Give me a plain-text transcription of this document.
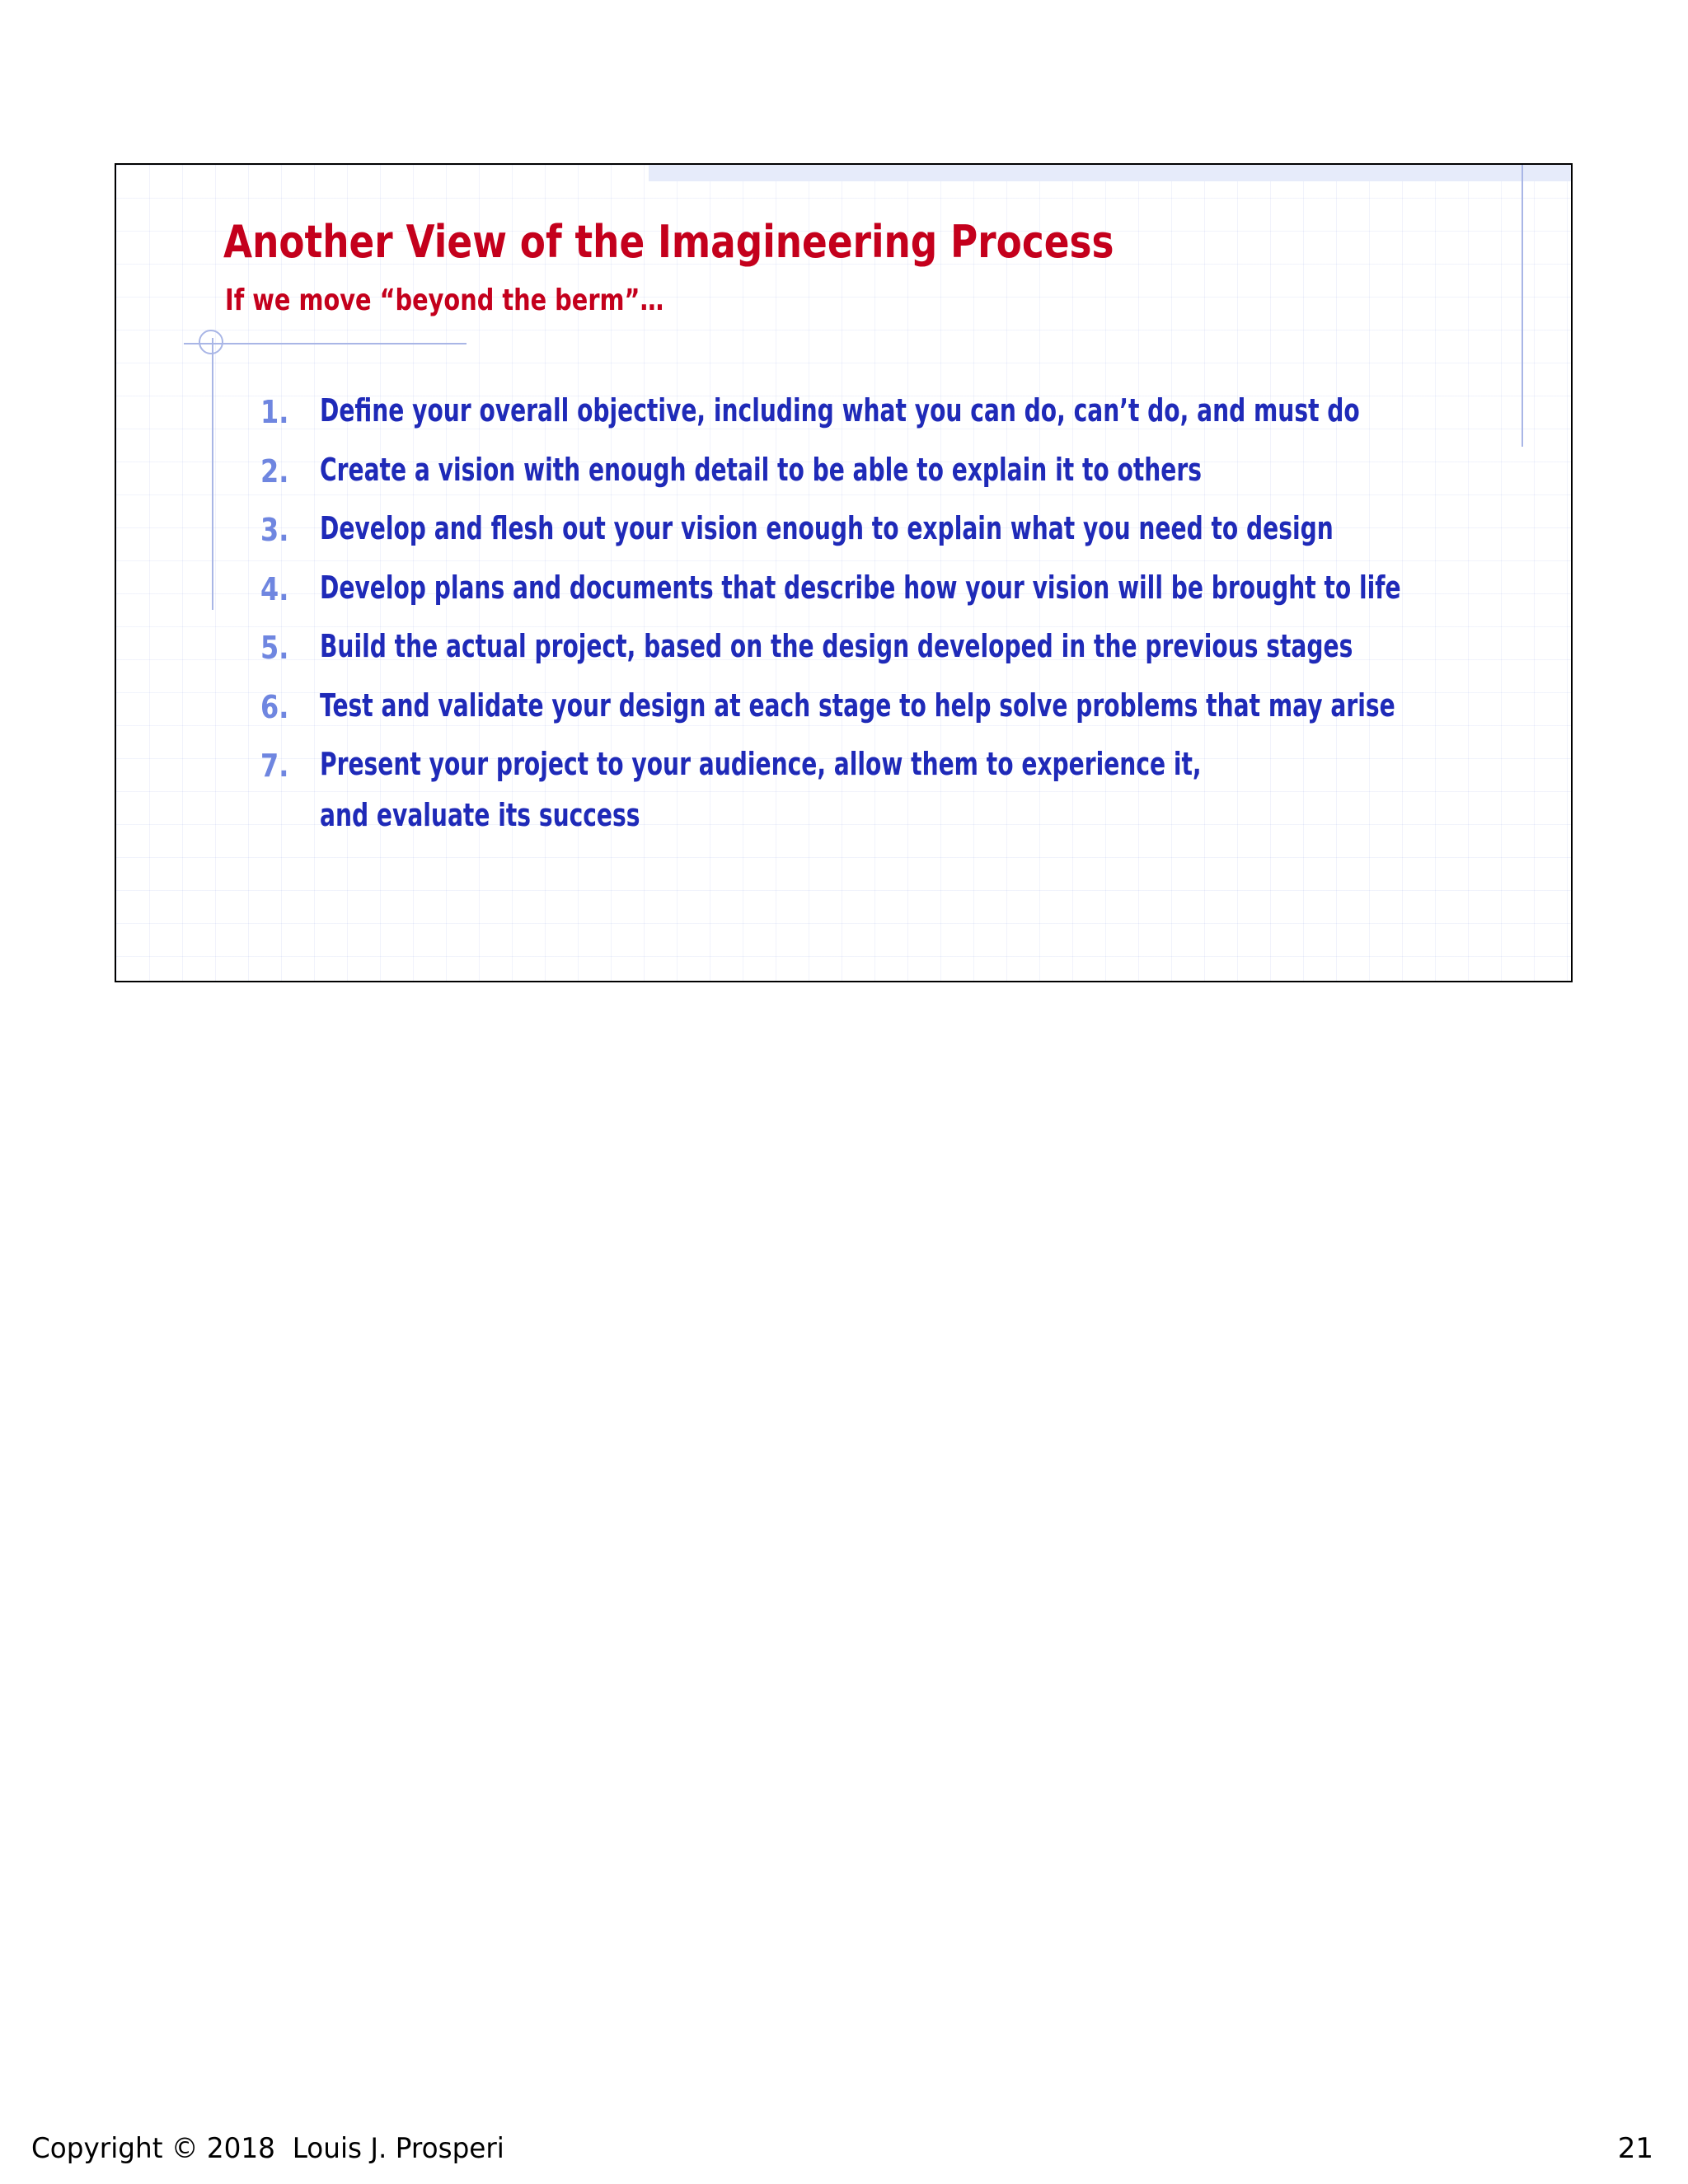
Another View of the Imagineering Process
If we move “beyond the berm”…
1. Define your overall objective, including what you can do, can’t do, and must do
2. Create a vision with enough detail to be able to explain it to others
3. Develop and flesh out your vision enough to explain what you need to design
4. Develop plans and documents that describe how your vision will be brought to life
5. Build the actual project, based on the design developed in the previous stages
6. Test and validate your design at each stage to help solve problems that may arise
7. Present your project to your audience, allow them to experience it, and evaluate its success
Copyright © 2018  Louis J. Prosperi	21
